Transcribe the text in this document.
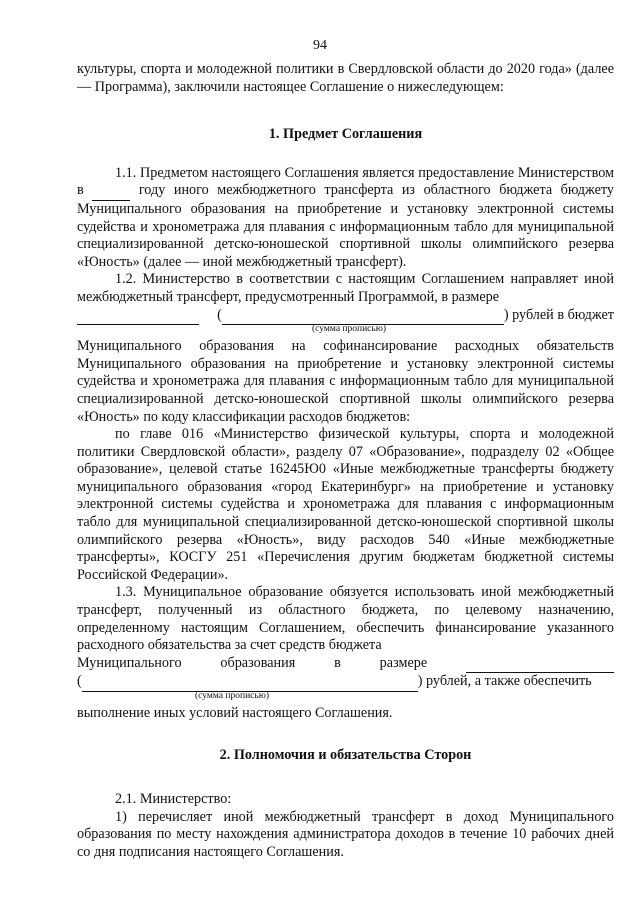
94

культуры, спорта и молодежной политики в Свердловской области до 2020 года» (далее — Программа), заключили настоящее Соглашение о нижеследующем:

1. Предмет Соглашения

1.1. Предметом настоящего Соглашения является предоставление Министерством в	году иного межбюджетного трансферта из областного бюджета бюджету Муниципального образования на приобретение и установку электронной системы судейства и хронометража для плавания с информационным табло для муниципальной специализированной детско-юношеской спортивной школы олимпийского резерва «Юность» (далее — иной межбюджетный трансферт).

1.2. Министерство в соответствии с настоящим Соглашением направляет иной межбюджетный трансферт, предусмотренный Программой, в размере

(	) рублей в бюджет
(сумма прописью)

Муниципального образования на софинансирование расходных обязательств Муниципального образования на приобретение и установку электронной системы судейства и хронометража для плавания с информационным табло для муниципальной специализированной детско-юношеской спортивной школы олимпийского резерва «Юность» по коду классификации расходов бюджетов:

по главе 016 «Министерство физической культуры, спорта и молодежной политики Свердловской области», разделу 07 «Образование», подразделу 02 «Общее образование», целевой статье 16245Ю0 «Иные межбюджетные трансферты бюджету муниципального образования «город Екатеринбург» на приобретение и установку электронной системы судейства и хронометража для плавания с информационным табло для муниципальной специализированной детско-юношеской спортивной школы олимпийского резерва «Юность», виду расходов 540 «Иные межбюджетные трансферты», КОСГУ 251 «Перечисления другим бюджетам бюджетной системы Российской Федерации».

1.3. Муниципальное образование обязуется использовать иной межбюджетный трансферт, полученный из областного бюджета, по целевому назначению, определенному настоящим Соглашением, обеспечить финансирование указанного расходного обязательства за счет средств бюджета

Муниципального	образования	в	размере

(	) рублей, а также обеспечить
(сумма прописью)

выполнение иных условий настоящего Соглашения.

2. Полномочия и обязательства Сторон

2.1. Министерство:

1) перечисляет иной межбюджетный трансферт в доход Муниципального образования по месту нахождения администратора доходов в течение 10 рабочих дней со дня подписания настоящего Соглашения.
